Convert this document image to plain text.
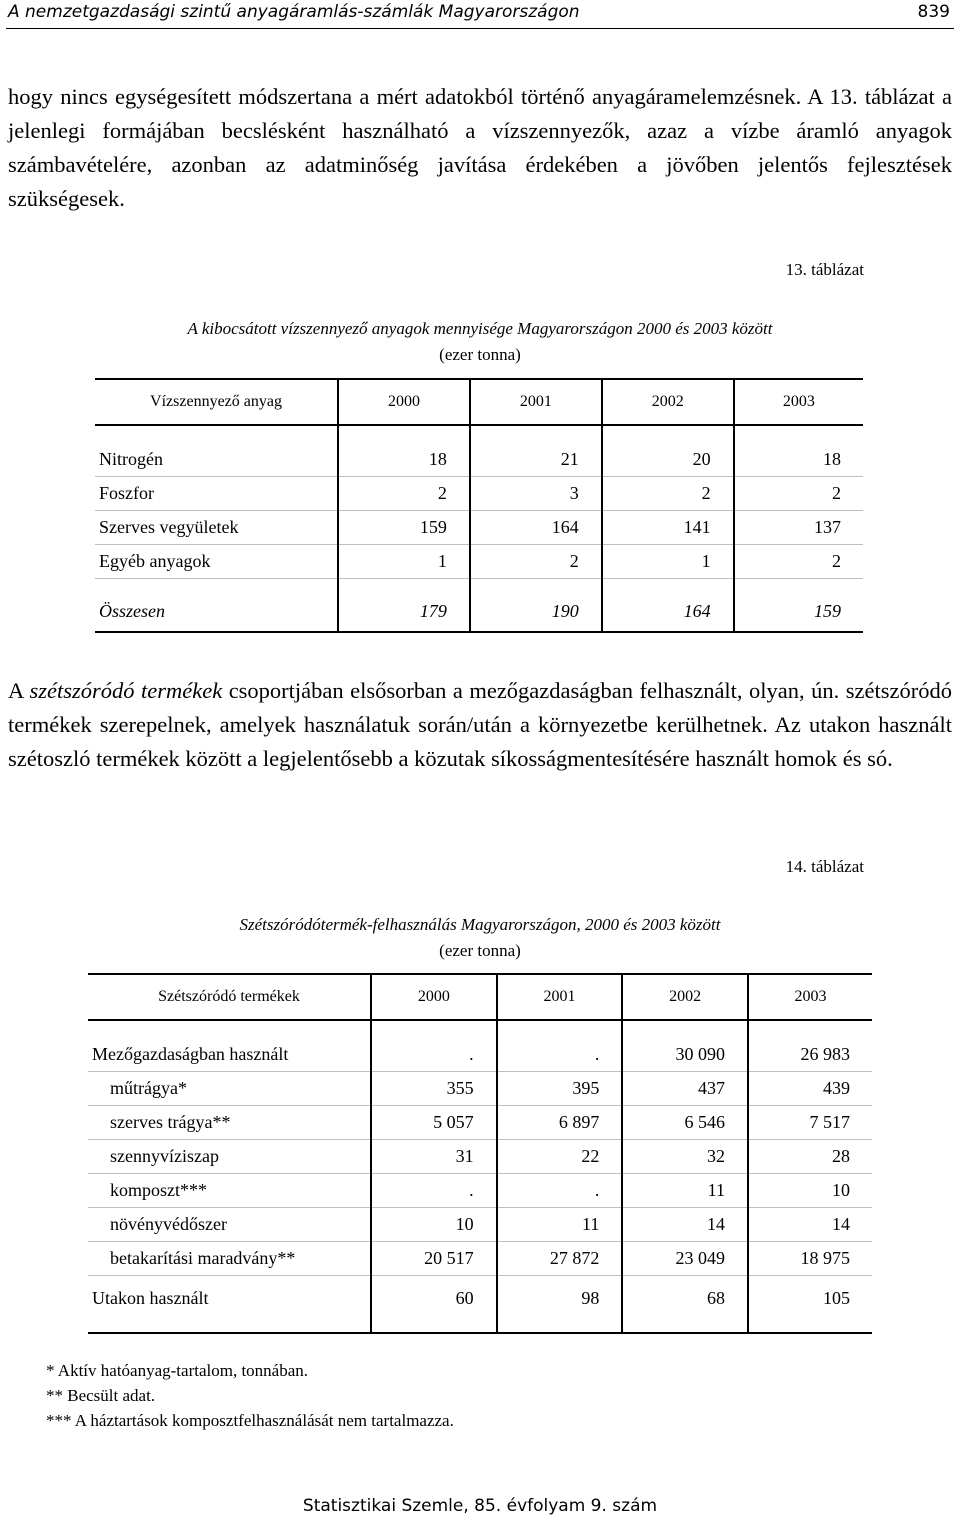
A nemzetgazdasági szintű anyagáramlás-számlák Magyarországon	839

hogy nincs egységesített módszertana a mért adatokból történő anyagáramelemzésnek. A 13. táblázat a jelenlegi formájában becslésként használható a vízszennyezők, azaz a vízbe áramló anyagok számbavételére, azonban az adatminőség javítása érdekében a jövőben jelentős fejlesztések szükségesek.

13. táblázat
A kibocsátott vízszennyező anyagok mennyisége Magyarországon 2000 és 2003 között
(ezer tonna)
Vízszennyező anyag	2000	2001	2002	2003
Nitrogén	18	21	20	18
Foszfor	2	3	2	2
Szerves vegyületek	159	164	141	137
Egyéb anyagok	1	2	1	2
Összesen	179	190	164	159

A szétszóródó termékek csoportjában elsősorban a mezőgazdaságban felhasznált, olyan, ún. szétszóródó termékek szerepelnek, amelyek használatuk során/után a környezetbe kerülhetnek. Az utakon használt szétoszló termékek között a legjelentősebb a közutak síkosságmentesítésére használt homok és só.

14. táblázat
Szétszóródótermék-felhasználás Magyarországon, 2000 és 2003 között
(ezer tonna)
Szétszóródó termékek	2000	2001	2002	2003
Mezőgazdaságban használt	.	.	30 090	26 983
műtrágya*	355	395	437	439
szerves trágya**	5 057	6 897	6 546	7 517
szennyvíziszap	31	22	32	28
komposzt***	.	.	11	10
növényvédőszer	10	11	14	14
betakarítási maradvány**	20 517	27 872	23 049	18 975
Utakon használt	60	98	68	105
* Aktív hatóanyag-tartalom, tonnában.
** Becsült adat.
*** A háztartások komposztfelhasználását nem tartalmazza.
Statisztikai Szemle, 85. évfolyam 9. szám
